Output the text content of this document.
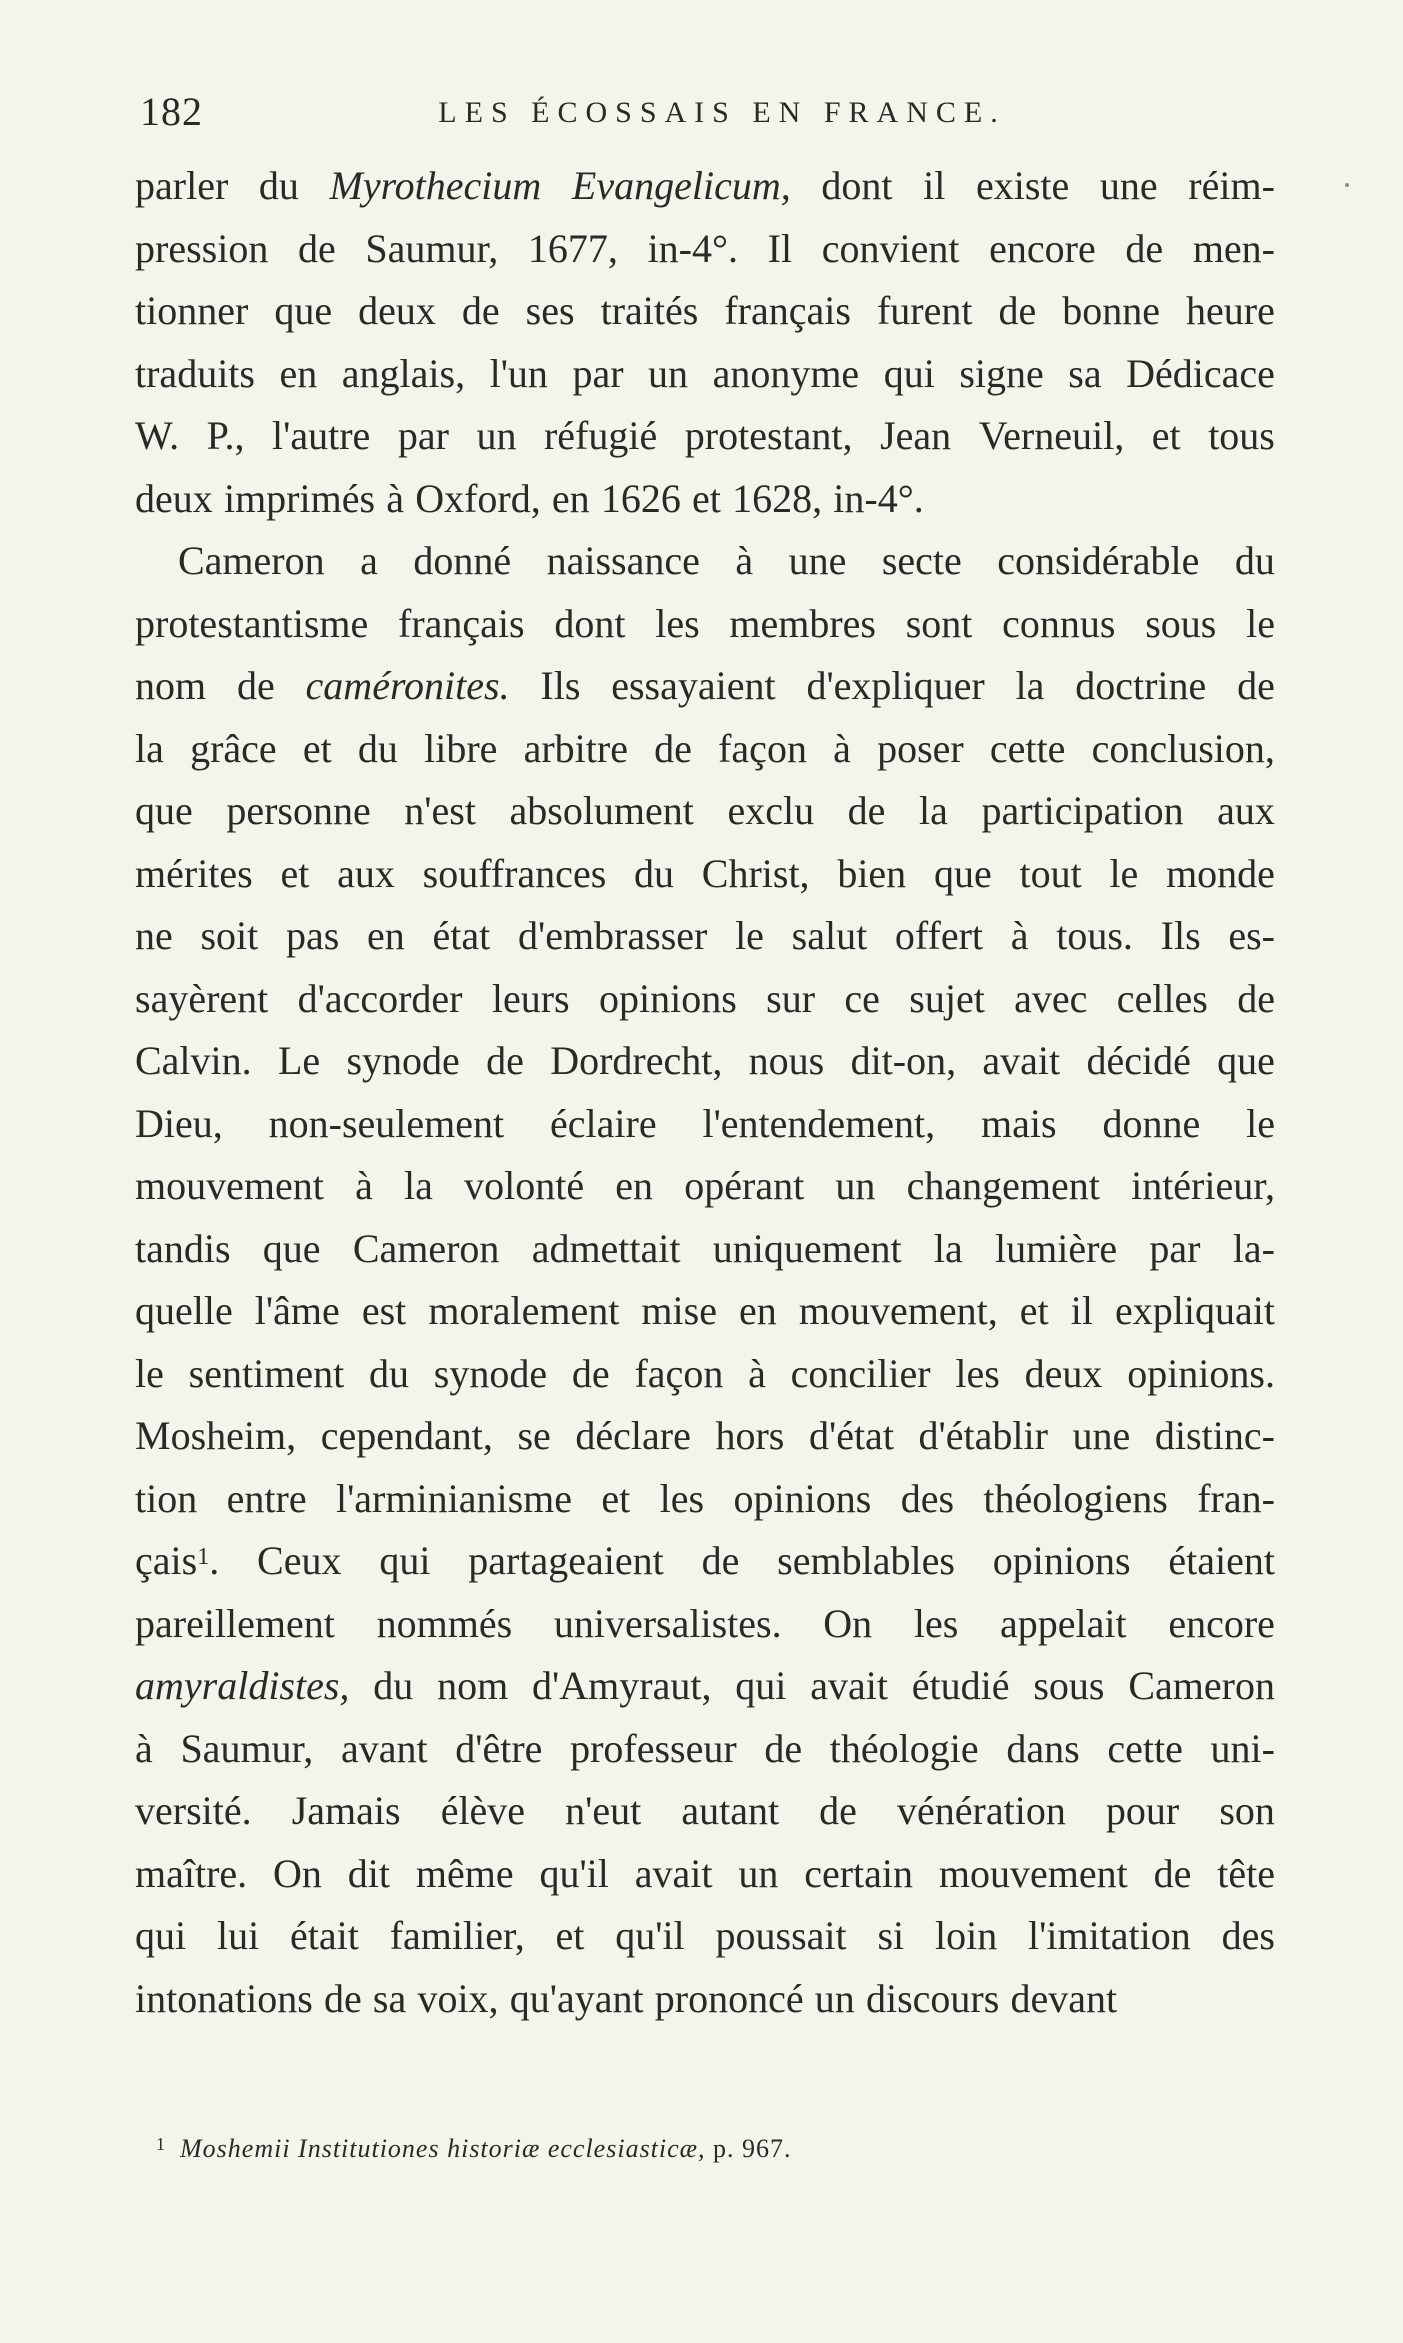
182	LES ÉCOSSAIS EN FRANCE.
parler du Myrothecium Evangelicum, dont il existe une réim-
pression de Saumur, 1677, in-4°. Il convient encore de men-
tionner que deux de ses traités français furent de bonne heure
traduits en anglais, l'un par un anonyme qui signe sa Dédicace
W. P., l'autre par un réfugié protestant, Jean Verneuil, et tous
deux imprimés à Oxford, en 1626 et 1628, in-4°.
Cameron a donné naissance à une secte considérable du
protestantisme français dont les membres sont connus sous le
nom de caméronites. Ils essayaient d'expliquer la doctrine de
la grâce et du libre arbitre de façon à poser cette conclusion,
que personne n'est absolument exclu de la participation aux
mérites et aux souffrances du Christ, bien que tout le monde
ne soit pas en état d'embrasser le salut offert à tous. Ils es-
sayèrent d'accorder leurs opinions sur ce sujet avec celles de
Calvin. Le synode de Dordrecht, nous dit-on, avait décidé que
Dieu, non-seulement éclaire l'entendement, mais donne le
mouvement à la volonté en opérant un changement intérieur,
tandis que Cameron admettait uniquement la lumière par la-
quelle l'âme est moralement mise en mouvement, et il expliquait
le sentiment du synode de façon à concilier les deux opinions.
Mosheim, cependant, se déclare hors d'état d'établir une distinc-
tion entre l'arminianisme et les opinions des théologiens fran-
çais$^1$. Ceux qui partageaient de semblables opinions étaient
pareillement nommés universalistes. On les appelait encore
amyraldistes, du nom d'Amyraut, qui avait étudié sous Cameron
à Saumur, avant d'être professeur de théologie dans cette uni-
versité. Jamais élève n'eut autant de vénération pour son
maître. On dit même qu'il avait un certain mouvement de tête
qui lui était familier, et qu'il poussait si loin l'imitation des
intonations de sa voix, qu'ayant prononcé un discours devant
$^1$ Moshemii Institutiones historiæ ecclesiasticæ, p. 967.
